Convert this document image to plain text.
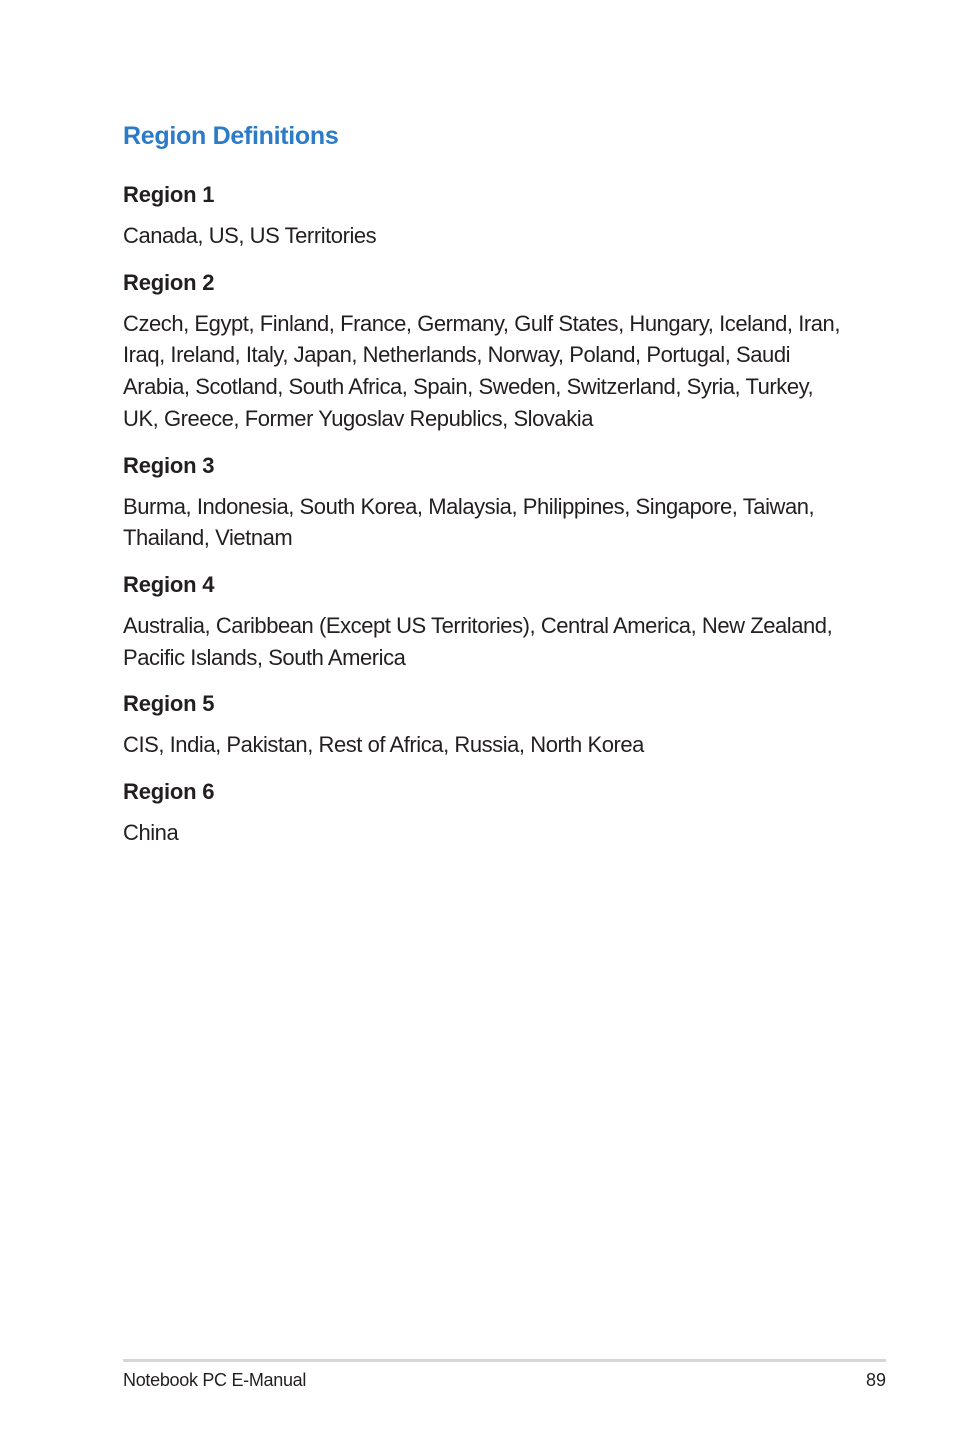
Region Definitions
Region 1

Canada, US, US Territories

Region 2

Czech, Egypt, Finland, France, Germany, Gulf States, Hungary, Iceland, Iran, Iraq, Ireland, Italy, Japan, Netherlands, Norway, Poland, Portugal, Saudi Arabia, Scotland, South Africa, Spain, Sweden, Switzerland, Syria, Turkey, UK, Greece, Former Yugoslav Republics, Slovakia

Region 3

Burma, Indonesia, South Korea, Malaysia, Philippines, Singapore, Taiwan, Thailand, Vietnam

Region 4

Australia, Caribbean (Except US Territories), Central America, New Zealand, Pacific Islands, South America

Region 5

CIS, India, Pakistan, Rest of Africa, Russia, North Korea

Region 6

China

Notebook PC E-Manual	89
